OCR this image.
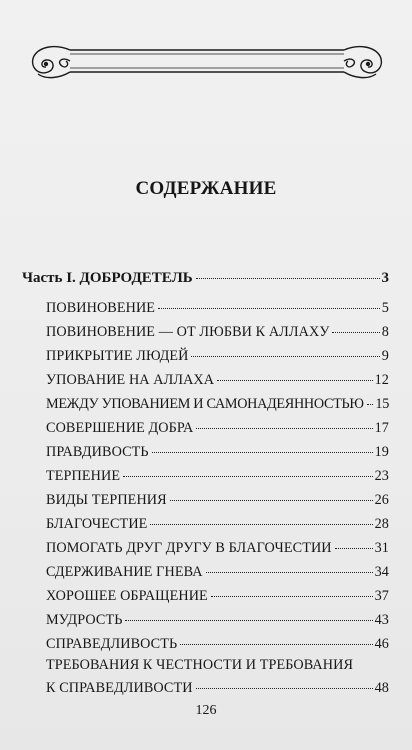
СОДЕРЖАНИЕ
Часть I. ДОБРОДЕТЕЛЬ	3
ПОВИНОВЕНИЕ	5
ПОВИНОВЕНИЕ — ОТ ЛЮБВИ К АЛЛАХУ	8
ПРИКРЫТИЕ ЛЮДЕЙ	9
УПОВАНИЕ НА АЛЛАХА	12
МЕЖДУ УПОВАНИЕМ И САМОНАДЕЯННОСТЬЮ 15
СОВЕРШЕНИЕ ДОБРА	17
ПРАВДИВОСТЬ	19
ТЕРПЕНИЕ	23
ВИДЫ ТЕРПЕНИЯ	26
БЛАГОЧЕСТИЕ	28
ПОМОГАТЬ ДРУГ ДРУГУ В БЛАГОЧЕСТИИ	31
СДЕРЖИВАНИЕ ГНЕВА	34
ХОРОШЕЕ ОБРАЩЕНИЕ	37
МУДРОСТЬ	43
СПРАВЕДЛИВОСТЬ	46
ТРЕБОВАНИЯ К ЧЕСТНОСТИ И ТРЕБОВАНИЯ
К СПРАВЕДЛИВОСТИ	48
126
